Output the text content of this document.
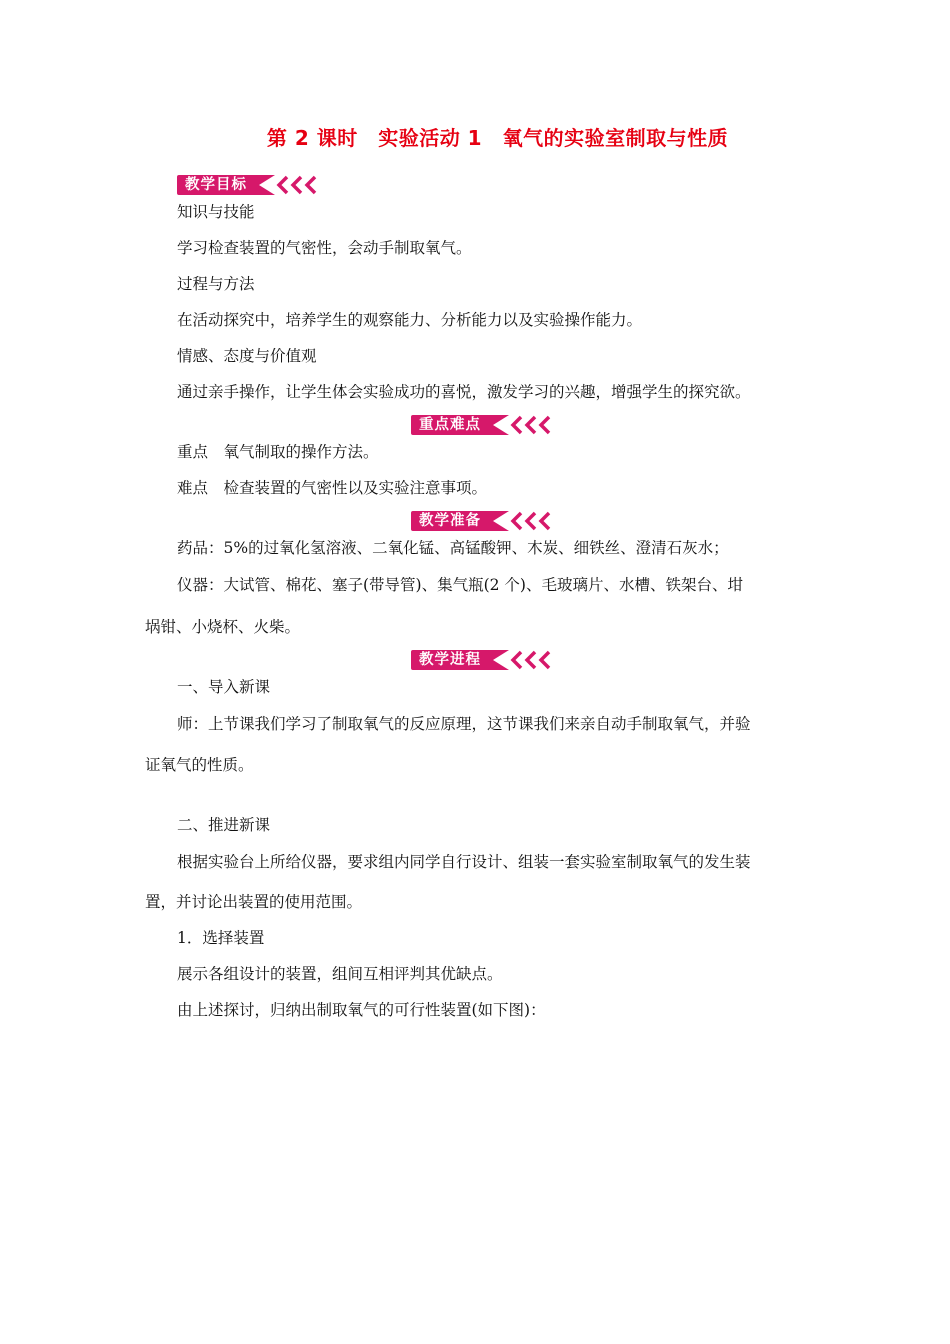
第 2 课时　实验活动 1　氧气的实验室制取与性质
教学目标
知识与技能
学习检查装置的气密性，会动手制取氧气。
过程与方法
在活动探究中，培养学生的观察能力、分析能力以及实验操作能力。
情感、态度与价值观
通过亲手操作，让学生体会实验成功的喜悦，激发学习的兴趣，增强学生的探究欲。
重点难点
重点　氧气制取的操作方法。
难点　检查装置的气密性以及实验注意事项。
教学准备
药品：5%的过氧化氢溶液、二氧化锰、高锰酸钾、木炭、细铁丝、澄清石灰水；
仪器：大试管、棉花、塞子(带导管)、集气瓶(2 个)、毛玻璃片、水槽、铁架台、坩
埚钳、小烧杯、火柴。
教学进程
一、导入新课
师：上节课我们学习了制取氧气的反应原理，这节课我们来亲自动手制取氧气，并验
证氧气的性质。
二、推进新课
根据实验台上所给仪器，要求组内同学自行设计、组装一套实验室制取氧气的发生装
置，并讨论出装置的使用范围。
1．选择装置
展示各组设计的装置，组间互相评判其优缺点。
由上述探讨，归纳出制取氧气的可行性装置(如下图)：
